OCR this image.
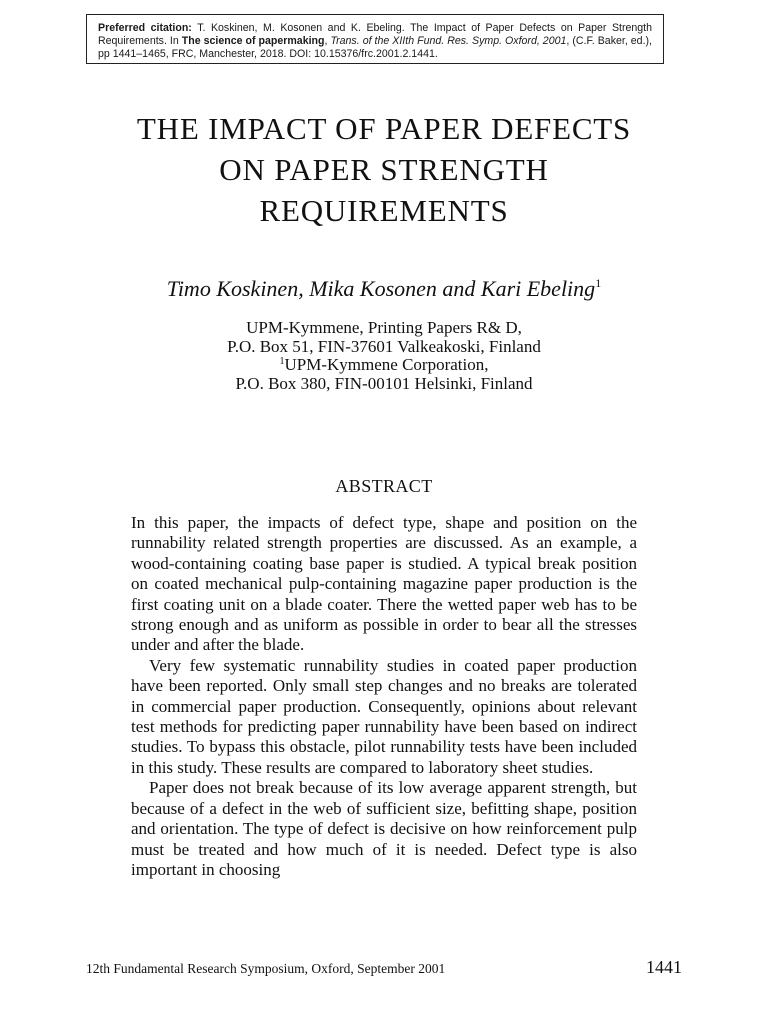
Preferred citation: T. Koskinen, M. Kosonen and K. Ebeling. The Impact of Paper Defects on Paper Strength Requirements. In The science of papermaking, Trans. of the XIIth Fund. Res. Symp. Oxford, 2001, (C.F. Baker, ed.), pp 1441–1465, FRC, Manchester, 2018. DOI: 10.15376/frc.2001.2.1441.
THE IMPACT OF PAPER DEFECTS
ON PAPER STRENGTH
REQUIREMENTS
Timo Koskinen, Mika Kosonen and Kari Ebeling$^1$
UPM-Kymmene, Printing Papers R& D,
P.O. Box 51, FIN-37601 Valkeakoski, Finland
$^1$UPM-Kymmene Corporation,
P.O. Box 380, FIN-00101 Helsinki, Finland
ABSTRACT

In this paper, the impacts of defect type, shape and position on the runnability related strength properties are discussed. As an example, a wood-containing coating base paper is studied. A typical break position on coated mechanical pulp-containing magazine paper production is the first coating unit on a blade coater. There the wetted paper web has to be strong enough and as uniform as possible in order to bear all the stresses under and after the blade.

Very few systematic runnability studies in coated paper production have been reported. Only small step changes and no breaks are tolerated in commercial paper production. Consequently, opinions about relevant test methods for predicting paper runnability have been based on indirect studies. To bypass this obstacle, pilot runnability tests have been included in this study. These results are compared to laboratory sheet studies.

Paper does not break because of its low average apparent strength, but because of a defect in the web of sufficient size, befitting shape, position and orientation. The type of defect is decisive on how reinforcement pulp must be treated and how much of it is needed. Defect type is also important in choosing

12th Fundamental Research Symposium, Oxford, September 2001	1441
